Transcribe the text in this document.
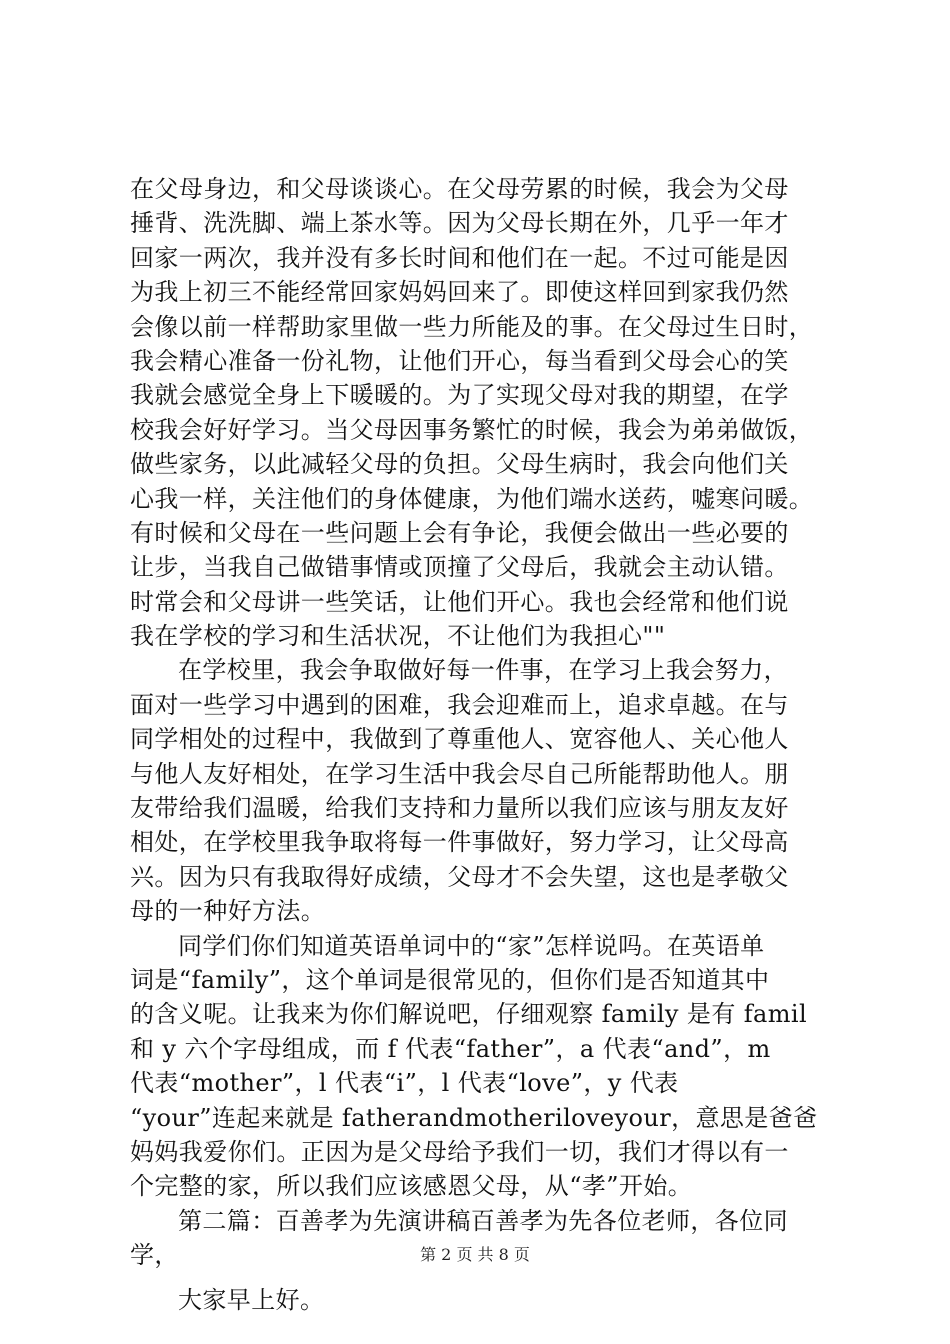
在父母身边，和父母谈谈心。在父母劳累的时候，我会为父母
捶背、洗洗脚、端上茶水等。因为父母长期在外，几乎一年才
回家一两次，我并没有多长时间和他们在一起。不过可能是因
为我上初三不能经常回家妈妈回来了。即使这样回到家我仍然
会像以前一样帮助家里做一些力所能及的事。在父母过生日时，
我会精心准备一份礼物，让他们开心，每当看到父母会心的笑
我就会感觉全身上下暖暖的。为了实现父母对我的期望，在学
校我会好好学习。当父母因事务繁忙的时候，我会为弟弟做饭，
做些家务，以此减轻父母的负担。父母生病时，我会向他们关
心我一样，关注他们的身体健康，为他们端水送药，嘘寒问暖。
有时候和父母在一些问题上会有争论，我便会做出一些必要的
让步，当我自己做错事情或顶撞了父母后，我就会主动认错。
时常会和父母讲一些笑话，让他们开心。我也会经常和他们说
我在学校的学习和生活状况，不让他们为我担心""
在学校里，我会争取做好每一件事，在学习上我会努力，
面对一些学习中遇到的困难，我会迎难而上，追求卓越。在与
同学相处的过程中，我做到了尊重他人、宽容他人、关心他人
与他人友好相处，在学习生活中我会尽自己所能帮助他人。朋
友带给我们温暖，给我们支持和力量所以我们应该与朋友友好
相处，在学校里我争取将每一件事做好，努力学习，让父母高
兴。因为只有我取得好成绩，父母才不会失望，这也是孝敬父
母的一种好方法。
同学们你们知道英语单词中的“家”怎样说吗。在英语单
词是“family”，这个单词是很常见的，但你们是否知道其中
的含义呢。让我来为你们解说吧，仔细观察 family 是有 famil
和 y 六个字母组成，而 f 代表“father”，a 代表“and”，m
代表“mother”，l 代表“i”，l 代表“love”，y 代表
“your”连起来就是 fatherandmotheriloveyour，意思是爸爸
妈妈我爱你们。正因为是父母给予我们一切，我们才得以有一
个完整的家，所以我们应该感恩父母，从“孝”开始。
第二篇：百善孝为先演讲稿百善孝为先各位老师，各位同
学，
大家早上好。
第 2 页 共 8 页
